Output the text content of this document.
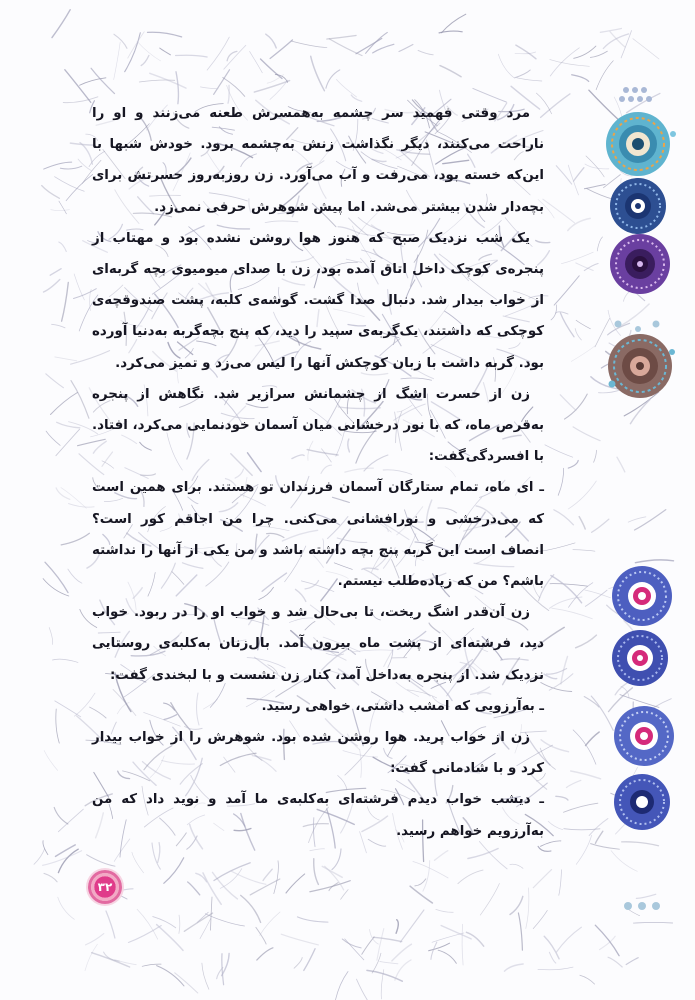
مرد وقتی فهمید سر چشمه به‌همسرش طعنه می‌زنند و او را ناراحت می‌کنند، دیگر نگذاشت زنش به‌چشمه برود. خودش شبها با این‌که خسته بود، می‌رفت و آب می‌آورد. زن روزبه‌روز حسرتش برای بچه‌دار شدن بیشتر می‌شد. اما پیش شوهرش حرفی نمی‌زد.

یک شب نزدیک صبح که هنوز هوا روشن نشده بود و مهتاب از پنجره‌ی کوچک داخل اتاق آمده بود، زن با صدای میومیوی بچه گربه‌ای از خواب بیدار شد. دنبال صدا گشت. گوشه‌ی کلبه، پشت صندوقچه‌ی کوچکی که داشتند، یک‌گربه‌ی سپید را دید، که پنج بچه‌گربه به‌دنیا آورده بود. گربه داشت با زبان کوچکش آنها را لیس می‌زد و تمیز می‌کرد.

زن از حسرت اشگ از چشمانش سرازیر شد. نگاهش از پنجره به‌قرص ماه، که با نور درخشانی میان آسمان خودنمایی می‌کرد، افتاد. با افسردگی‌گفت:

ـ ای ماه، تمام ستارگان آسمان فرزندان تو هستند. برای همین است که می‌درخشی و نورافشانی می‌کنی. چرا من اجاقم کور است؟ انصاف است این گربه پنج بچه داشته باشد و من یکی از آنها را نداشته باشم؟ من که زیاده‌طلب نیستم.

زن آن‌قدر اشگ ریخت، تا بی‌حال شد و خواب او را در ربود. خواب دید، فرشته‌ای از پشت ماه بیرون آمد. بال‌زنان به‌کلبه‌ی روستایی نزدیک شد. از پنجره به‌داخل آمد، کنار زن نشست و با لبخندی گفت:

ـ به‌آرزویی که امشب داشتی، خواهی رسید.

زن از خواب پرید. هوا روشن شده بود. شوهرش را از خواب بیدار کرد و با شادمانی گفت:

ـ دیشب خواب دیدم فرشته‌ای به‌کلبه‌ی ما آمد و نوید داد که من به‌آرزویم خواهم رسید.

۳۲
